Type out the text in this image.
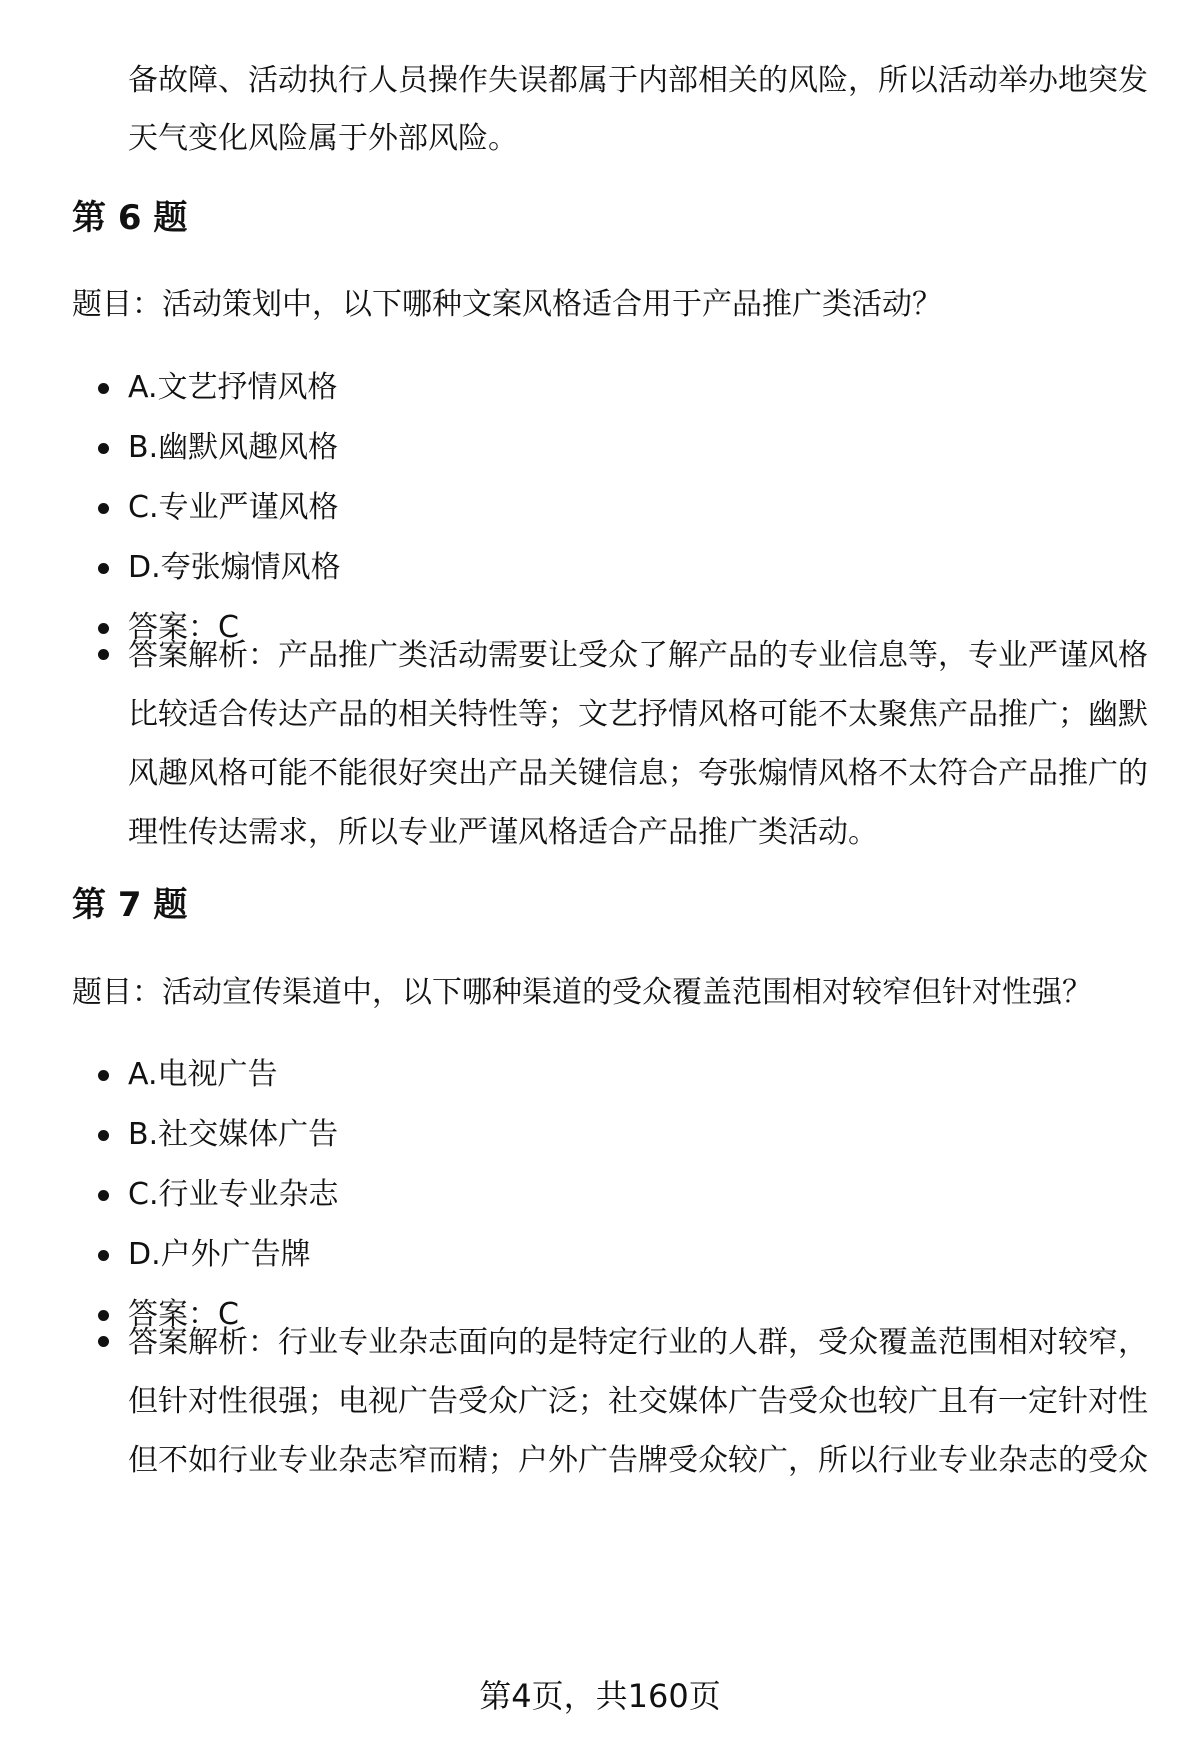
备故障、活动执行人员操作失误都属于内部相关的风险，所以活动举办地突发天气变化风险属于外部风险。
第 6 题
题目：活动策划中，以下哪种文案风格适合用于产品推广类活动？
A.文艺抒情风格
B.幽默风趣风格
C.专业严谨风格
D.夸张煽情风格
答案：C
答案解析：产品推广类活动需要让受众了解产品的专业信息等，专业严谨风格比较适合传达产品的相关特性等；文艺抒情风格可能不太聚焦产品推广；幽默风趣风格可能不能很好突出产品关键信息；夸张煽情风格不太符合产品推广的理性传达需求，所以专业严谨风格适合产品推广类活动。
第 7 题
题目：活动宣传渠道中，以下哪种渠道的受众覆盖范围相对较窄但针对性强？
A.电视广告
B.社交媒体广告
C.行业专业杂志
D.户外广告牌
答案：C
答案解析：行业专业杂志面向的是特定行业的人群，受众覆盖范围相对较窄，但针对性很强；电视广告受众广泛；社交媒体广告受众也较广且有一定针对性但不如行业专业杂志窄而精；户外广告牌受众较广，所以行业专业杂志的受众
第4页，共160页
